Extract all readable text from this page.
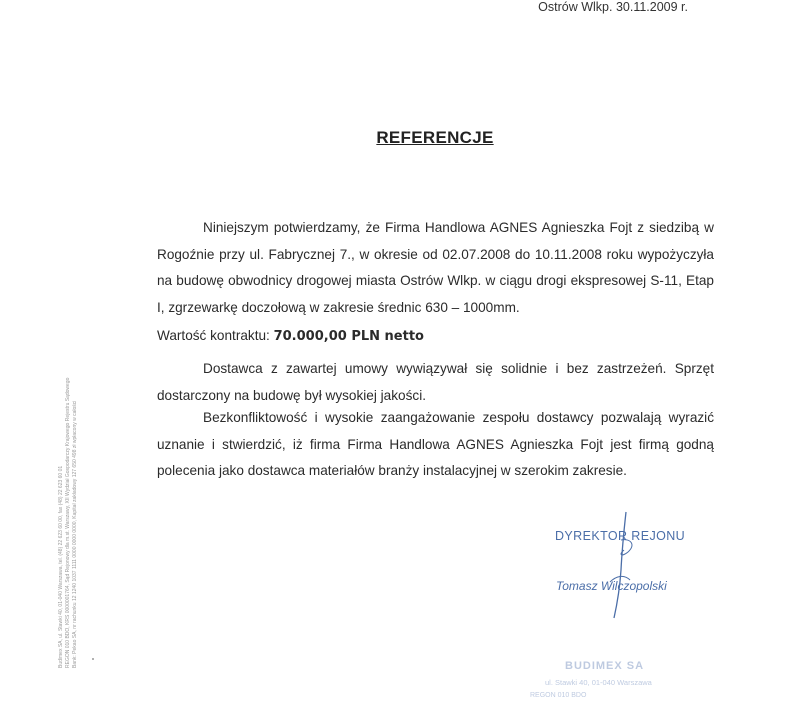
Ostrów Wlkp. 30.11.2009 r.
REFERENCJE
Niniejszym potwierdzamy, że Firma Handlowa AGNES Agnieszka Fojt z siedzibą w Rogoźnie przy ul. Fabrycznej 7., w okresie od 02.07.2008 do 10.11.2008 roku wypożyczyła na budowę obwodnicy drogowej miasta Ostrów Wlkp. w ciągu drogi ekspresowej S-11, Etap I, zgrzewarkę doczołową w zakresie średnic 630 – 1000mm.
Wartość kontraktu: 70.000,00 PLN netto
Dostawca z zawartej umowy wywiązywał się solidnie i bez zastrzeżeń. Sprzęt dostarczony na budowę był wysokiej jakości.
Bezkonfliktowość i wysokie zaangażowanie zespołu dostawcy pozwalają wyrazić uznanie i stwierdzić, iż firma Firma Handlowa AGNES Agnieszka Fojt jest firmą godną polecenia jako dostawca materiałów branży instalacyjnej w szerokim zakresie.
DYREKTOR REJONU
Tomasz Wilczopolski
Budimex SA, ul. Stawki 40, 01-040 Warszawa, tel. (48) 22 623 60 00, fax (48) 22 623 60 01 REGON 010 BDO, KRS 0000001764, Sąd Rejonowy dla m.st. Warszawy, XII Wydział Gospodarczy Krajowego Rejestru Sądowego Bank: Pekao SA, nr rachunku 12 1240 1037 1111 0000 0000 0000, Kapitał zakładowy 127 650 498 zł wpłacony w całości	BUDIMEX SA
ul. Stawki 40, 01-040 Warszawa
REGON 010 BDO
